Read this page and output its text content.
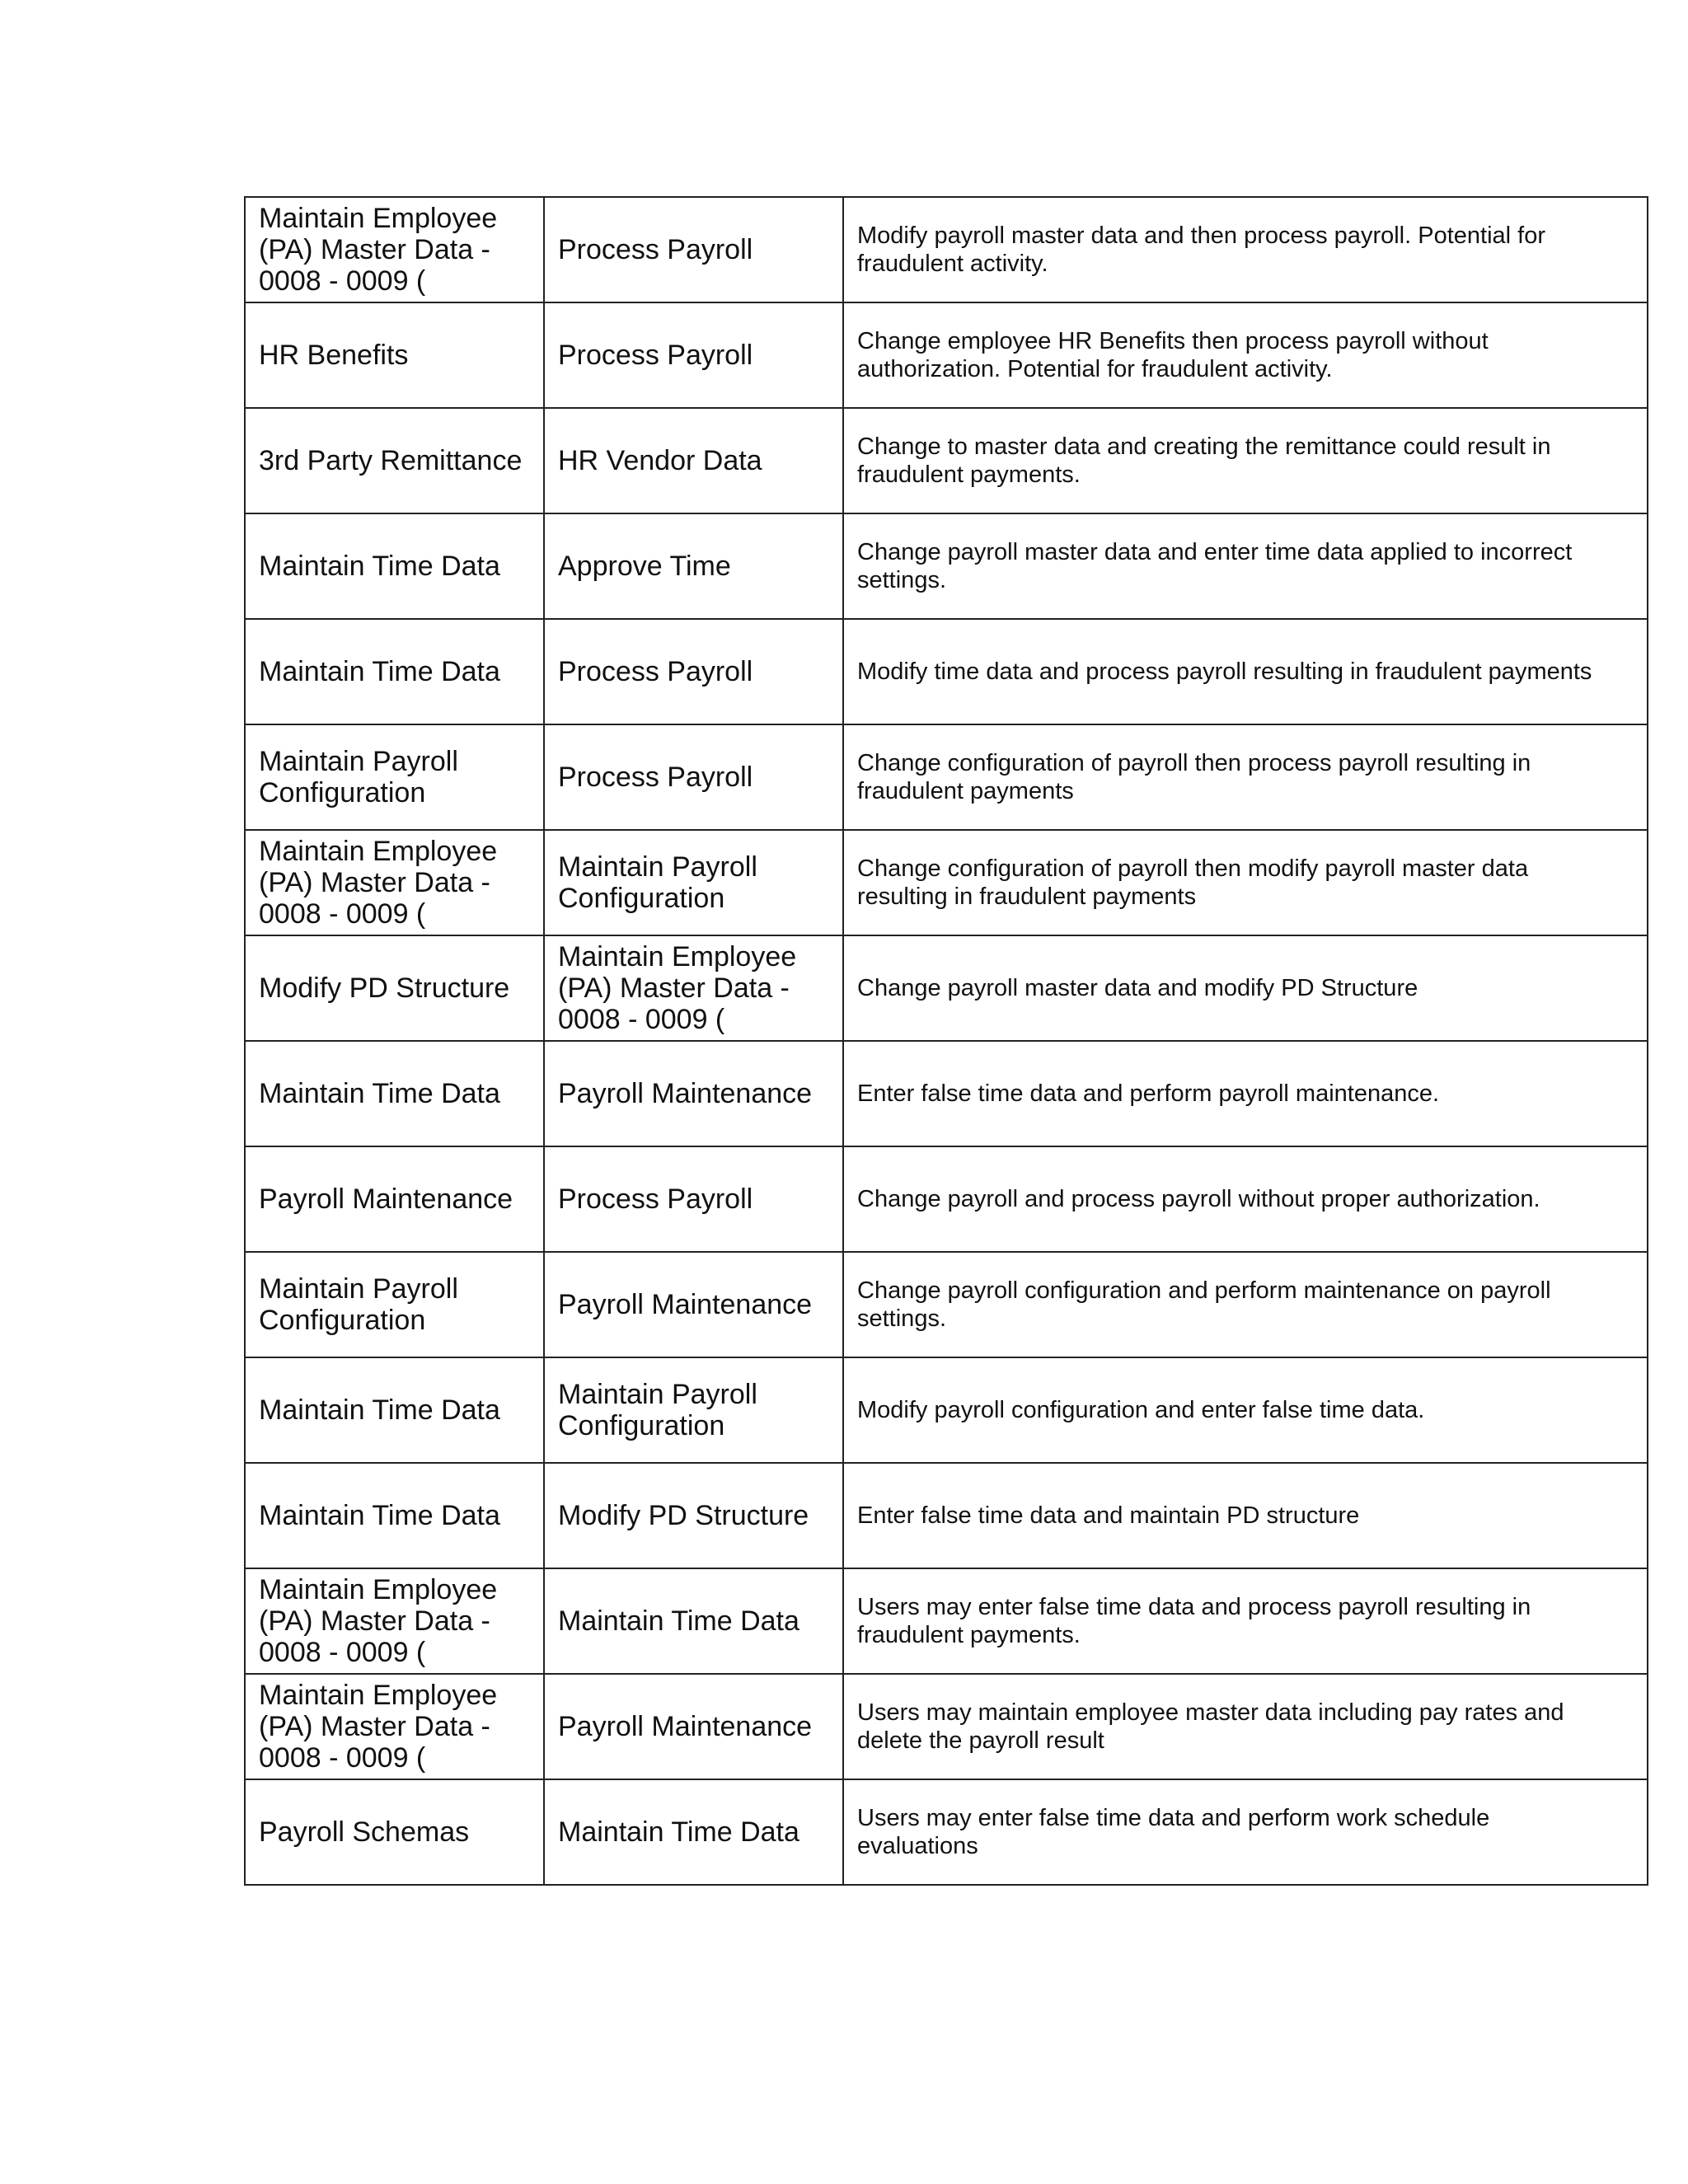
Maintain Employee
(PA) Master Data -
0008 - 0009 (	Process Payroll	Modify payroll master data and then process payroll. Potential for
fraudulent activity.
HR Benefits	Process Payroll	Change employee HR Benefits then process payroll without
authorization. Potential for fraudulent activity.
3rd Party Remittance	HR Vendor Data	Change to master data and creating the remittance could result in
fraudulent payments.
Maintain Time Data	Approve Time	Change payroll master data and enter time data applied to incorrect
settings.
Maintain Time Data	Process Payroll	Modify time data and process payroll resulting in fraudulent payments
Maintain Payroll
Configuration	Process Payroll	Change configuration of payroll then process payroll resulting in
fraudulent payments
Maintain Employee
(PA) Master Data -
0008 - 0009 (	Maintain Payroll
Configuration	Change configuration of payroll then modify payroll master data
resulting in fraudulent payments
Modify PD Structure	Maintain Employee
(PA) Master Data -
0008 - 0009 (	Change payroll master data and modify PD Structure
Maintain Time Data	Payroll Maintenance	Enter false time data and perform payroll maintenance.
Payroll Maintenance	Process Payroll	Change payroll and process payroll without proper authorization.
Maintain Payroll
Configuration	Payroll Maintenance	Change payroll configuration and perform maintenance on payroll
settings.
Maintain Time Data	Maintain Payroll
Configuration	Modify payroll configuration and enter false time data.
Maintain Time Data	Modify PD Structure	Enter false time data and maintain PD structure
Maintain Employee
(PA) Master Data -
0008 - 0009 (	Maintain Time Data	Users may enter false time data and process payroll resulting in
fraudulent payments.
Maintain Employee
(PA) Master Data -
0008 - 0009 (	Payroll Maintenance	Users may maintain employee master data including pay rates and
delete the payroll result
Payroll Schemas	Maintain Time Data	Users may enter false time data and perform work schedule
evaluations
